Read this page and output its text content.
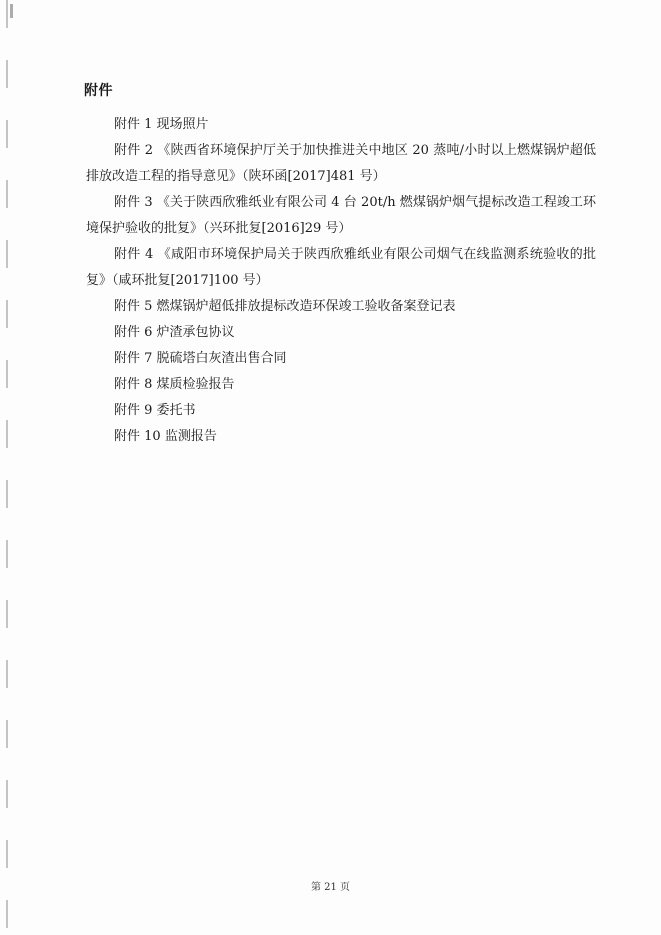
附件
附件 1 现场照片
附件 2 《陕西省环境保护厅关于加快推进关中地区 20 蒸吨/小时以上燃煤锅炉超低排放改造工程的指导意见》（陕环函[2017]481 号）
附件 3 《关于陕西欣雅纸业有限公司 4 台 20t/h 燃煤锅炉烟气提标改造工程竣工环境保护验收的批复》（兴环批复[2016]29 号）
附件 4 《咸阳市环境保护局关于陕西欣雅纸业有限公司烟气在线监测系统验收的批复》（咸环批复[2017]100 号）
附件 5 燃煤锅炉超低排放提标改造环保竣工验收备案登记表
附件 6 炉渣承包协议
附件 7 脱硫塔白灰渣出售合同
附件 8 煤质检验报告
附件 9 委托书
附件 10 监测报告
第 21 页
